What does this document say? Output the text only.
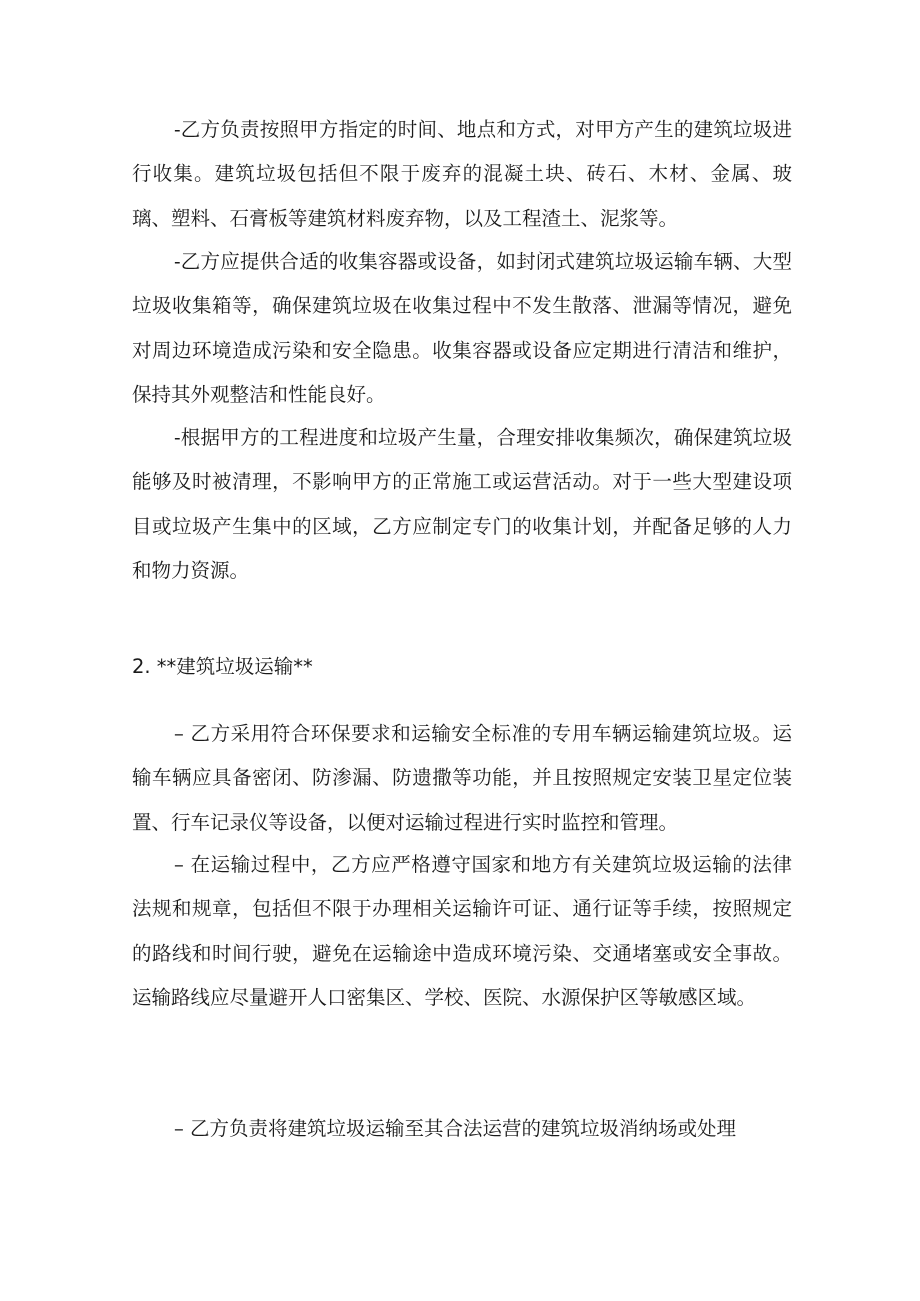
-乙方负责按照甲方指定的时间、地点和方式，对甲方产生的建筑垃圾进行收集。建筑垃圾包括但不限于废弃的混凝土块、砖石、木材、金属、玻璃、塑料、石膏板等建筑材料废弃物，以及工程渣土、泥浆等。

-乙方应提供合适的收集容器或设备，如封闭式建筑垃圾运输车辆、大型垃圾收集箱等，确保建筑垃圾在收集过程中不发生散落、泄漏等情况，避免对周边环境造成污染和安全隐患。收集容器或设备应定期进行清洁和维护，保持其外观整洁和性能良好。

-根据甲方的工程进度和垃圾产生量，合理安排收集频次，确保建筑垃圾能够及时被清理，不影响甲方的正常施工或运营活动。对于一些大型建设项目或垃圾产生集中的区域，乙方应制定专门的收集计划，并配备足够的人力和物力资源。

2. **建筑垃圾运输**

– 乙方采用符合环保要求和运输安全标准的专用车辆运输建筑垃圾。运输车辆应具备密闭、防渗漏、防遗撒等功能，并且按照规定安装卫星定位装置、行车记录仪等设备，以便对运输过程进行实时监控和管理。

– 在运输过程中，乙方应严格遵守国家和地方有关建筑垃圾运输的法律法规和规章，包括但不限于办理相关运输许可证、通行证等手续，按照规定的路线和时间行驶，避免在运输途中造成环境污染、交通堵塞或安全事故。运输路线应尽量避开人口密集区、学校、医院、水源保护区等敏感区域。

– 乙方负责将建筑垃圾运输至其合法运营的建筑垃圾消纳场或处理
